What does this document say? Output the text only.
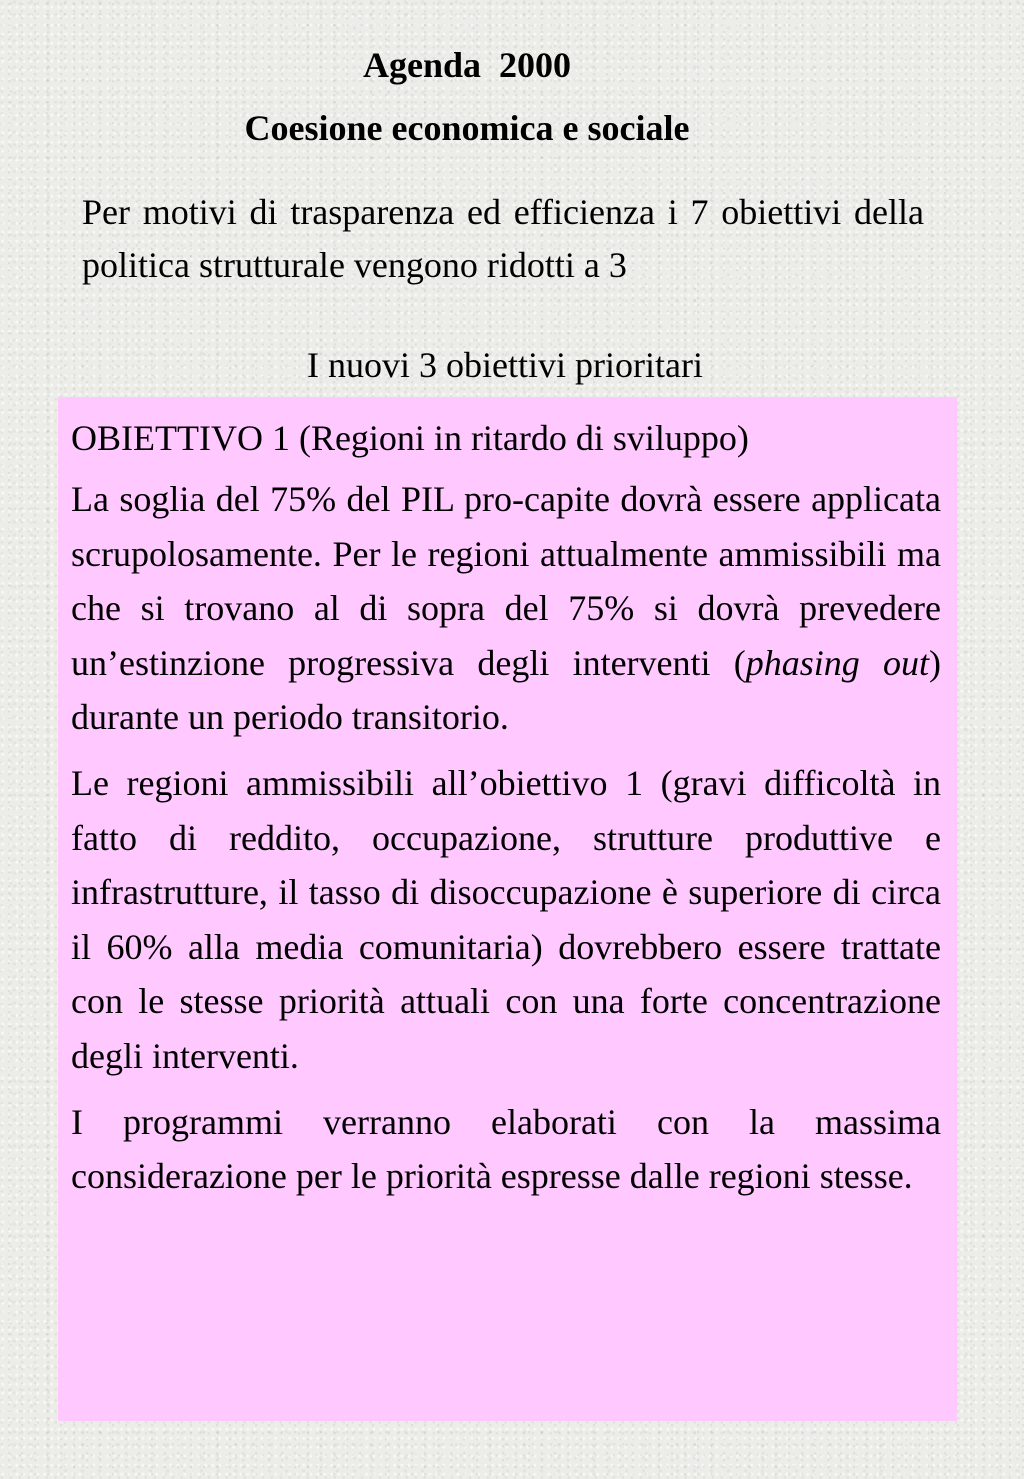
Agenda  2000
Coesione economica e sociale

Per motivi di trasparenza ed efficienza i 7 obiettivi della politica strutturale vengono ridotti a 3

I nuovi 3 obiettivi prioritari

OBIETTIVO 1 (Regioni in ritardo di sviluppo)

La soglia del 75% del PIL pro-capite dovrà essere applicata scrupolosamente. Per le regioni attualmente ammissibili ma che si trovano al di sopra del 75% si dovrà prevedere un’estinzione progressiva degli interventi (phasing out) durante un periodo transitorio.

Le regioni ammissibili all’obiettivo 1 (gravi difficoltà in fatto di reddito, occupazione, strutture produttive e infrastrutture, il tasso di disoccupazione è superiore di circa il 60% alla media comunitaria) dovrebbero essere trattate con le stesse priorità attuali con una forte concentrazione degli interventi.

I programmi verranno elaborati con la massima considerazione per le priorità espresse dalle regioni stesse.
